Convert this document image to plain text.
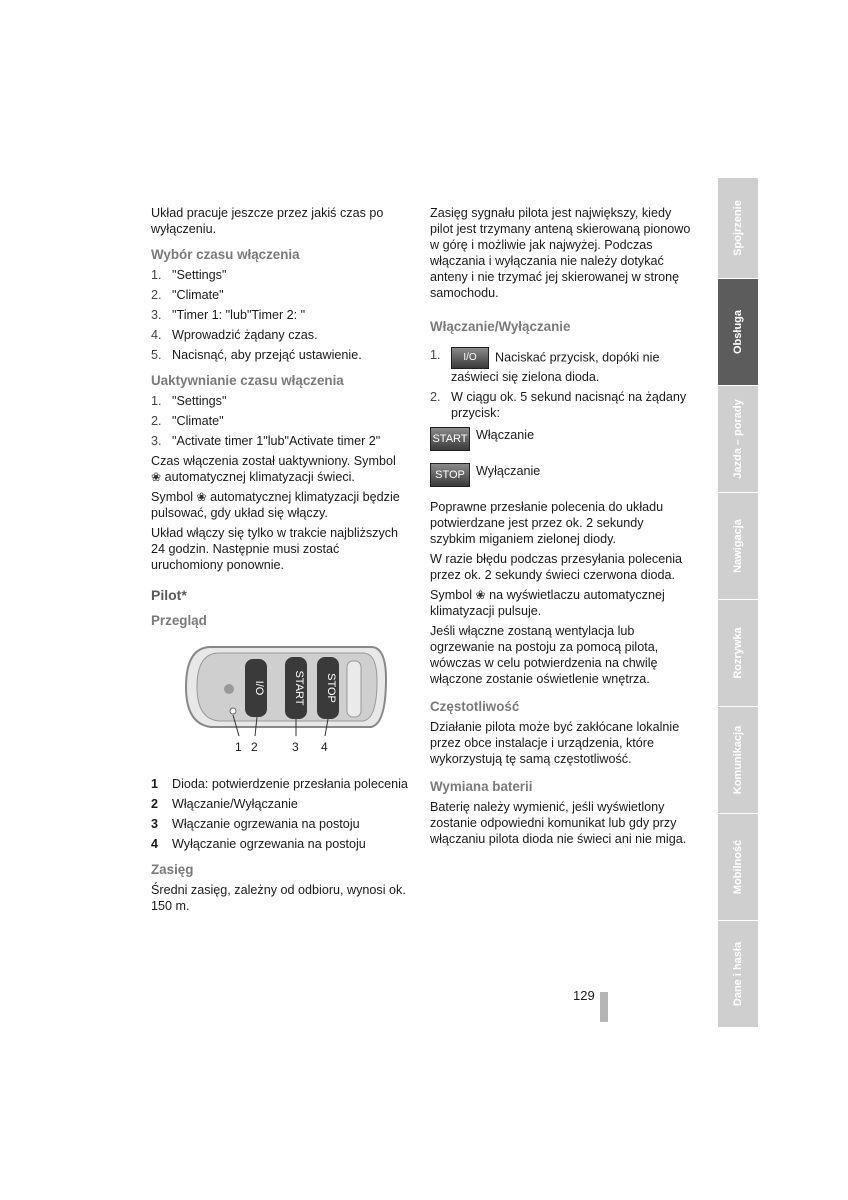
Układ pracuje jeszcze przez jakiś czas po wyłączeniu.

Wybór czasu włączenia
1. "Settings"
2. "Climate"
3. "Timer 1: "lub"Timer 2: "
4. Wprowadzić żądany czas.
5. Nacisnąć, aby przejąć ustawienie.
Uaktywnianie czasu włączenia
1. "Settings"
2. "Climate"
3. "Activate timer 1"lub"Activate timer 2"

Czas włączenia został uaktywniony. Symbol
❀ automatycznej klimatyzacji świeci.

Symbol ❀ automatycznej klimatyzacji będzie pulsować, gdy układ się włączy.

Układ włączy się tylko w trakcie najbliższych 24 godzin. Następnie musi zostać uruchomiony ponownie.

Pilot*
Przegląd
I/O	START STOP
1 2	3 4
1 Dioda: potwierdzenie przesłania polecenia
2 Włączanie/Wyłączanie
3 Włączanie ogrzewania na postoju
4 Wyłączanie ogrzewania na postoju
Zasięg

Średni zasięg, zależny od odbioru, wynosi ok. 150 m.

Zasięg sygnału pilota jest największy, kiedy pilot jest trzymany anteną skierowaną pionowo w górę i możliwie jak najwyżej. Podczas włączania i wyłączania nie należy dotykać anteny i nie trzymać jej skierowanej w stronę samochodu.

Włączanie/Wyłączanie
1. I/O Naciskać przycisk, dopóki nie zaświeci się zielona dioda.
2. W ciągu ok. 5 sekund nacisnąć na żądany przycisk:
START Włączanie
STOP Wyłączanie

Poprawne przesłanie polecenia do układu potwierdzane jest przez ok. 2 sekundy szybkim miganiem zielonej diody.

W razie błędu podczas przesyłania polecenia przez ok. 2 sekundy świeci czerwona dioda.

Symbol ❀ na wyświetlaczu automatycznej klimatyzacji pulsuje.

Jeśli włączne zostaną wentylacja lub ogrzewanie na postoju za pomocą pilota, wówczas w celu potwierdzenia na chwilę włączone zostanie oświetlenie wnętrza.

Częstotliwość

Działanie pilota może być zakłócane lokalnie przez obce instalacje i urządzenia, które wykorzystują tę samą częstotliwość.

Wymiana baterii

Baterię należy wymienić, jeśli wyświetlony zostanie odpowiedni komunikat lub gdy przy włączaniu pilota dioda nie świeci ani nie miga.

Spojrzenie
Obsługa
Jazda – porady
Nawigacja
Rozrywka
Komunikacja
Mobilność
Dane i hasła
129
